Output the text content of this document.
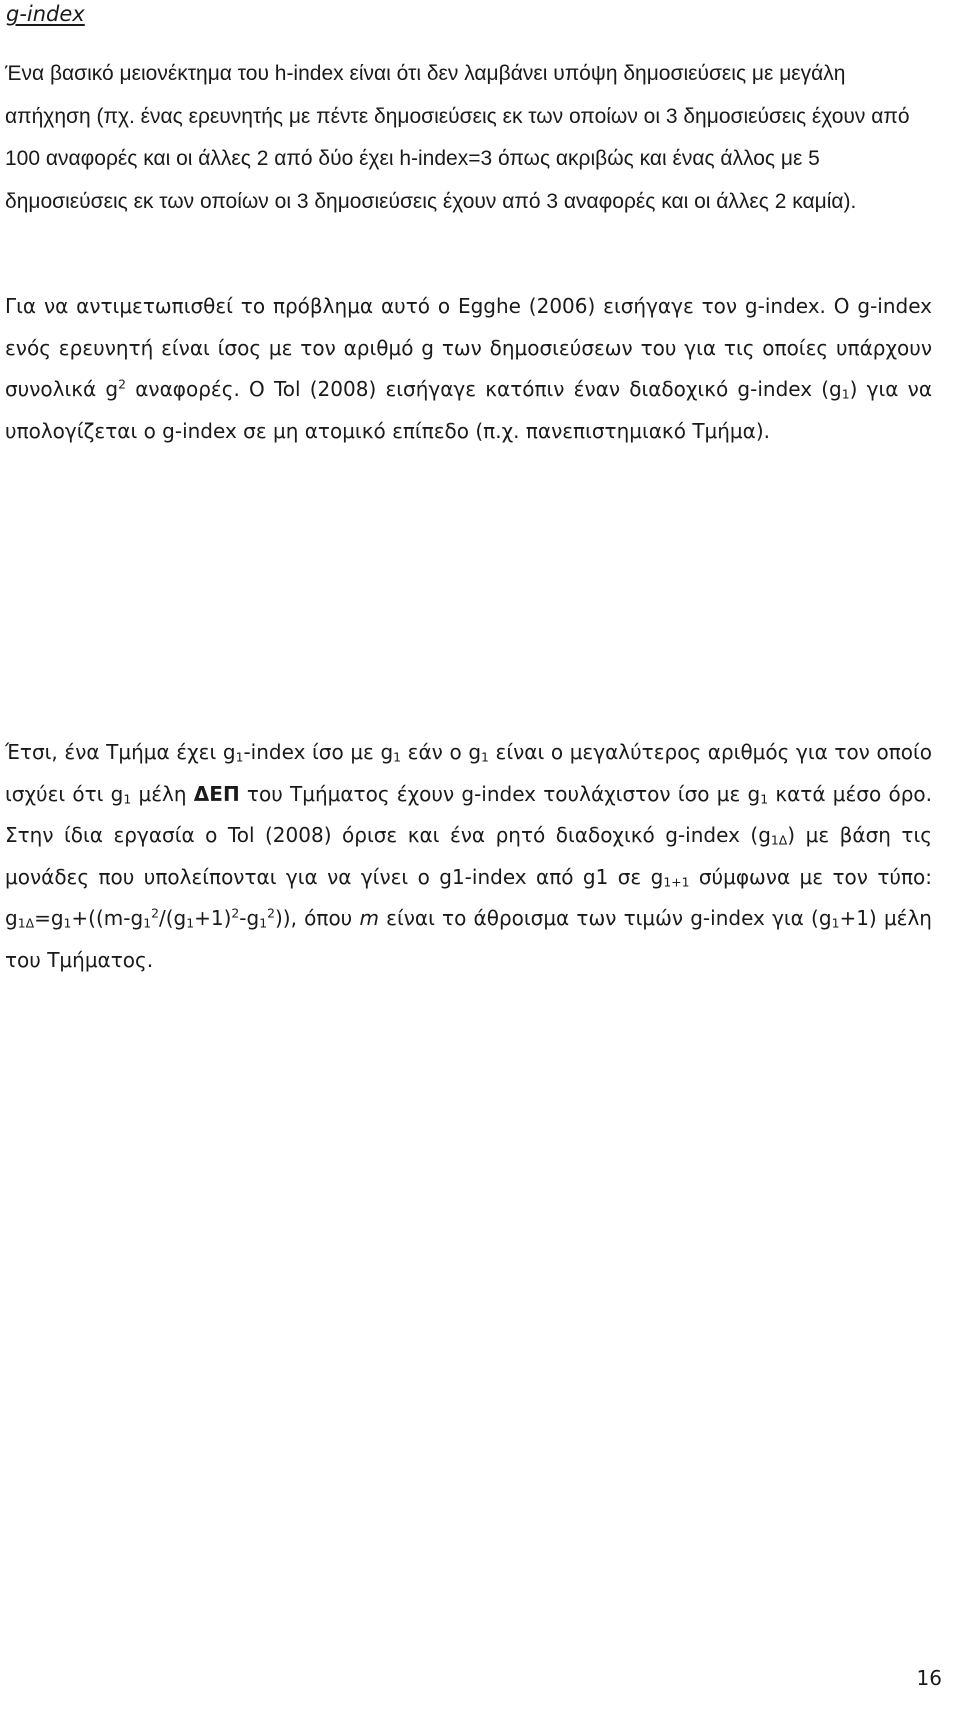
g-index

Ένα βασικό μειονέκτημα του h-index είναι ότι δεν λαμβάνει υπόψη δημοσιεύσεις με μεγάλη απήχηση (πχ. ένας ερευνητής με πέντε δημοσιεύσεις εκ των οποίων οι 3 δημοσιεύσεις έχουν από 100 αναφορές και οι άλλες 2 από δύο έχει h-index=3 όπως ακριβώς και ένας άλλος με 5 δημοσιεύσεις εκ των οποίων οι 3 δημοσιεύσεις έχουν από 3 αναφορές και οι άλλες 2 καμία).

Για να αντιμετωπισθεί το πρόβλημα αυτό ο Egghe (2006) εισήγαγε τον g-index. Ο g-index ενός ερευνητή είναι ίσος με τον αριθμό g των δημοσιεύσεων του για τις οποίες υπάρχουν συνολικά $g^2$ αναφορές. Ο Tol (2008) εισήγαγε κατόπιν έναν διαδοχικό g-index $(g_1)$ για να υπολογίζεται ο g-index σε μη ατομικό επίπεδο (π.χ. πανεπιστημιακό Τμήμα).

Έτσι, ένα Τμήμα έχει $g_1$-index ίσο με $g_1$ εάν ο $g_1$ είναι ο μεγαλύτερος αριθμός για τον οποίο ισχύει ότι $g_1$ μέλη ΔΕΠ του Τμήματος έχουν g-index τουλάχιστον ίσο με $g_1$ κατά μέσο όρο. Στην ίδια εργασία ο Tol (2008) όρισε και ένα ρητό διαδοχικό g-index $(g_{1\Delta})$ με βάση τις μονάδες που υπολείπονται για να γίνει ο g1-index από g1 σε $g_{1+1}$ σύμφωνα με τον τύπο: $g_{1\Delta}=g_1+((m-g_1^2/(g_1+1)^2-g_1^2))$, όπου m είναι το άθροισμα των τιμών g-index για $(g_1+1)$ μέλη του Τμήματος.

16
